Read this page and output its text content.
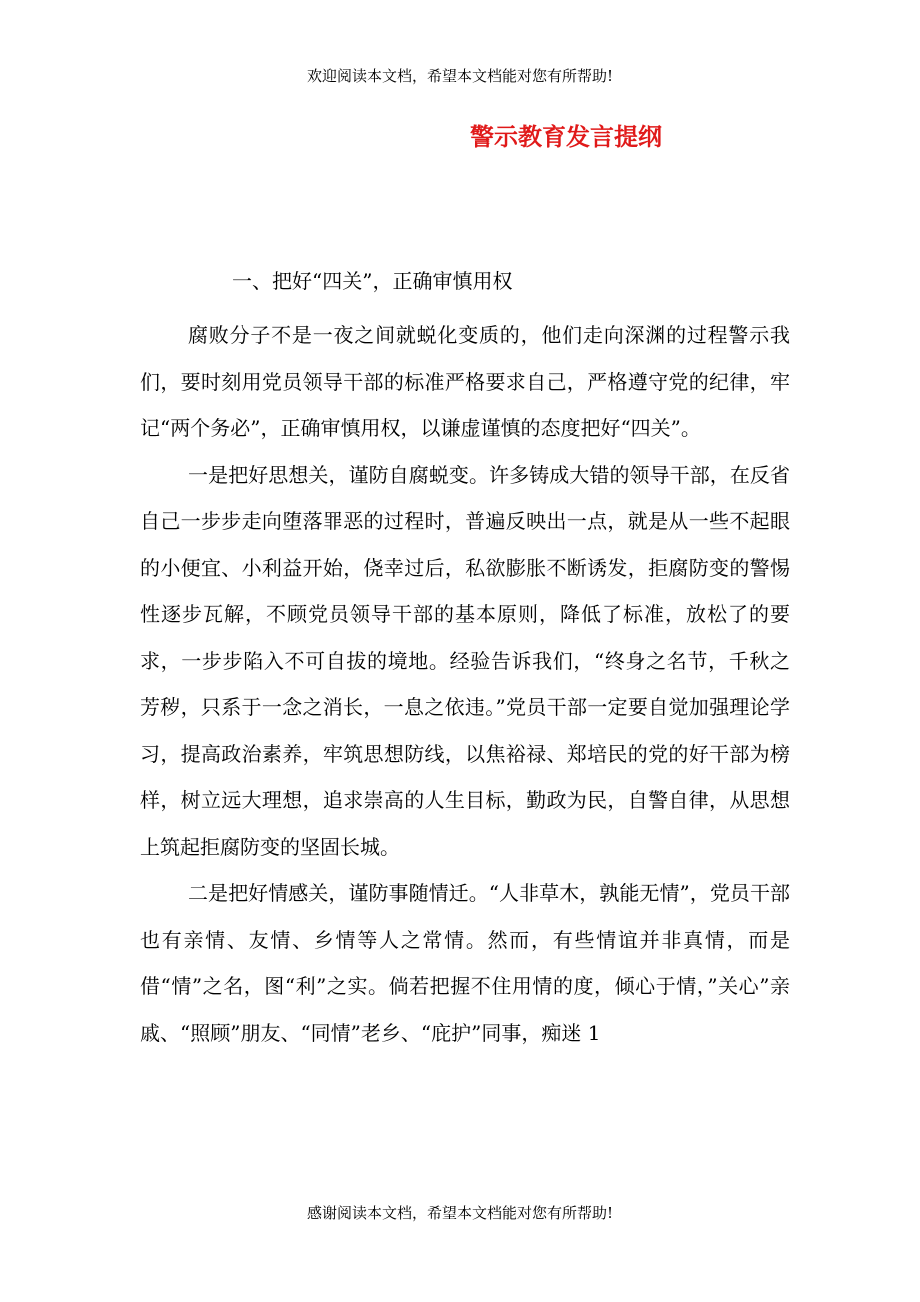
欢迎阅读本文档，希望本文档能对您有所帮助!
警示教育发言提纲
一、把好“四关”，正确审慎用权

腐败分子不是一夜之间就蜕化变质的，他们走向深渊的过程警示我们，要时刻用党员领导干部的标准严格要求自己，严格遵守党的纪律，牢记“两个务必”，正确审慎用权，以谦虚谨慎的态度把好“四关”。

一是把好思想关，谨防自腐蜕变。许多铸成大错的领导干部，在反省自己一步步走向堕落罪恶的过程时，普遍反映出一点，就是从一些不起眼的小便宜、小利益开始，侥幸过后，私欲膨胀不断诱发，拒腐防变的警惕性逐步瓦解，不顾党员领导干部的基本原则，降低了标准，放松了的要求，一步步陷入不可自拔的境地。经验告诉我们，“终身之名节，千秋之芳秽，只系于一念之消长，一息之依违。”党员干部一定要自觉加强理论学习，提高政治素养，牢筑思想防线，以焦裕禄、郑培民的党的好干部为榜样，树立远大理想，追求崇高的人生目标，勤政为民，自警自律，从思想上筑起拒腐防变的坚固长城。

二是把好情感关，谨防事随情迁。“人非草木，孰能无情”，党员干部也有亲情、友情、乡情等人之常情。然而，有些情谊并非真情，而是借“情”之名，图“利”之实。倘若把握不住用情的度，倾心于情，”关心”亲戚、“照顾”朋友、“同情”老乡、“庇护”同事，痴迷 1

感谢阅读本文档，希望本文档能对您有所帮助!
